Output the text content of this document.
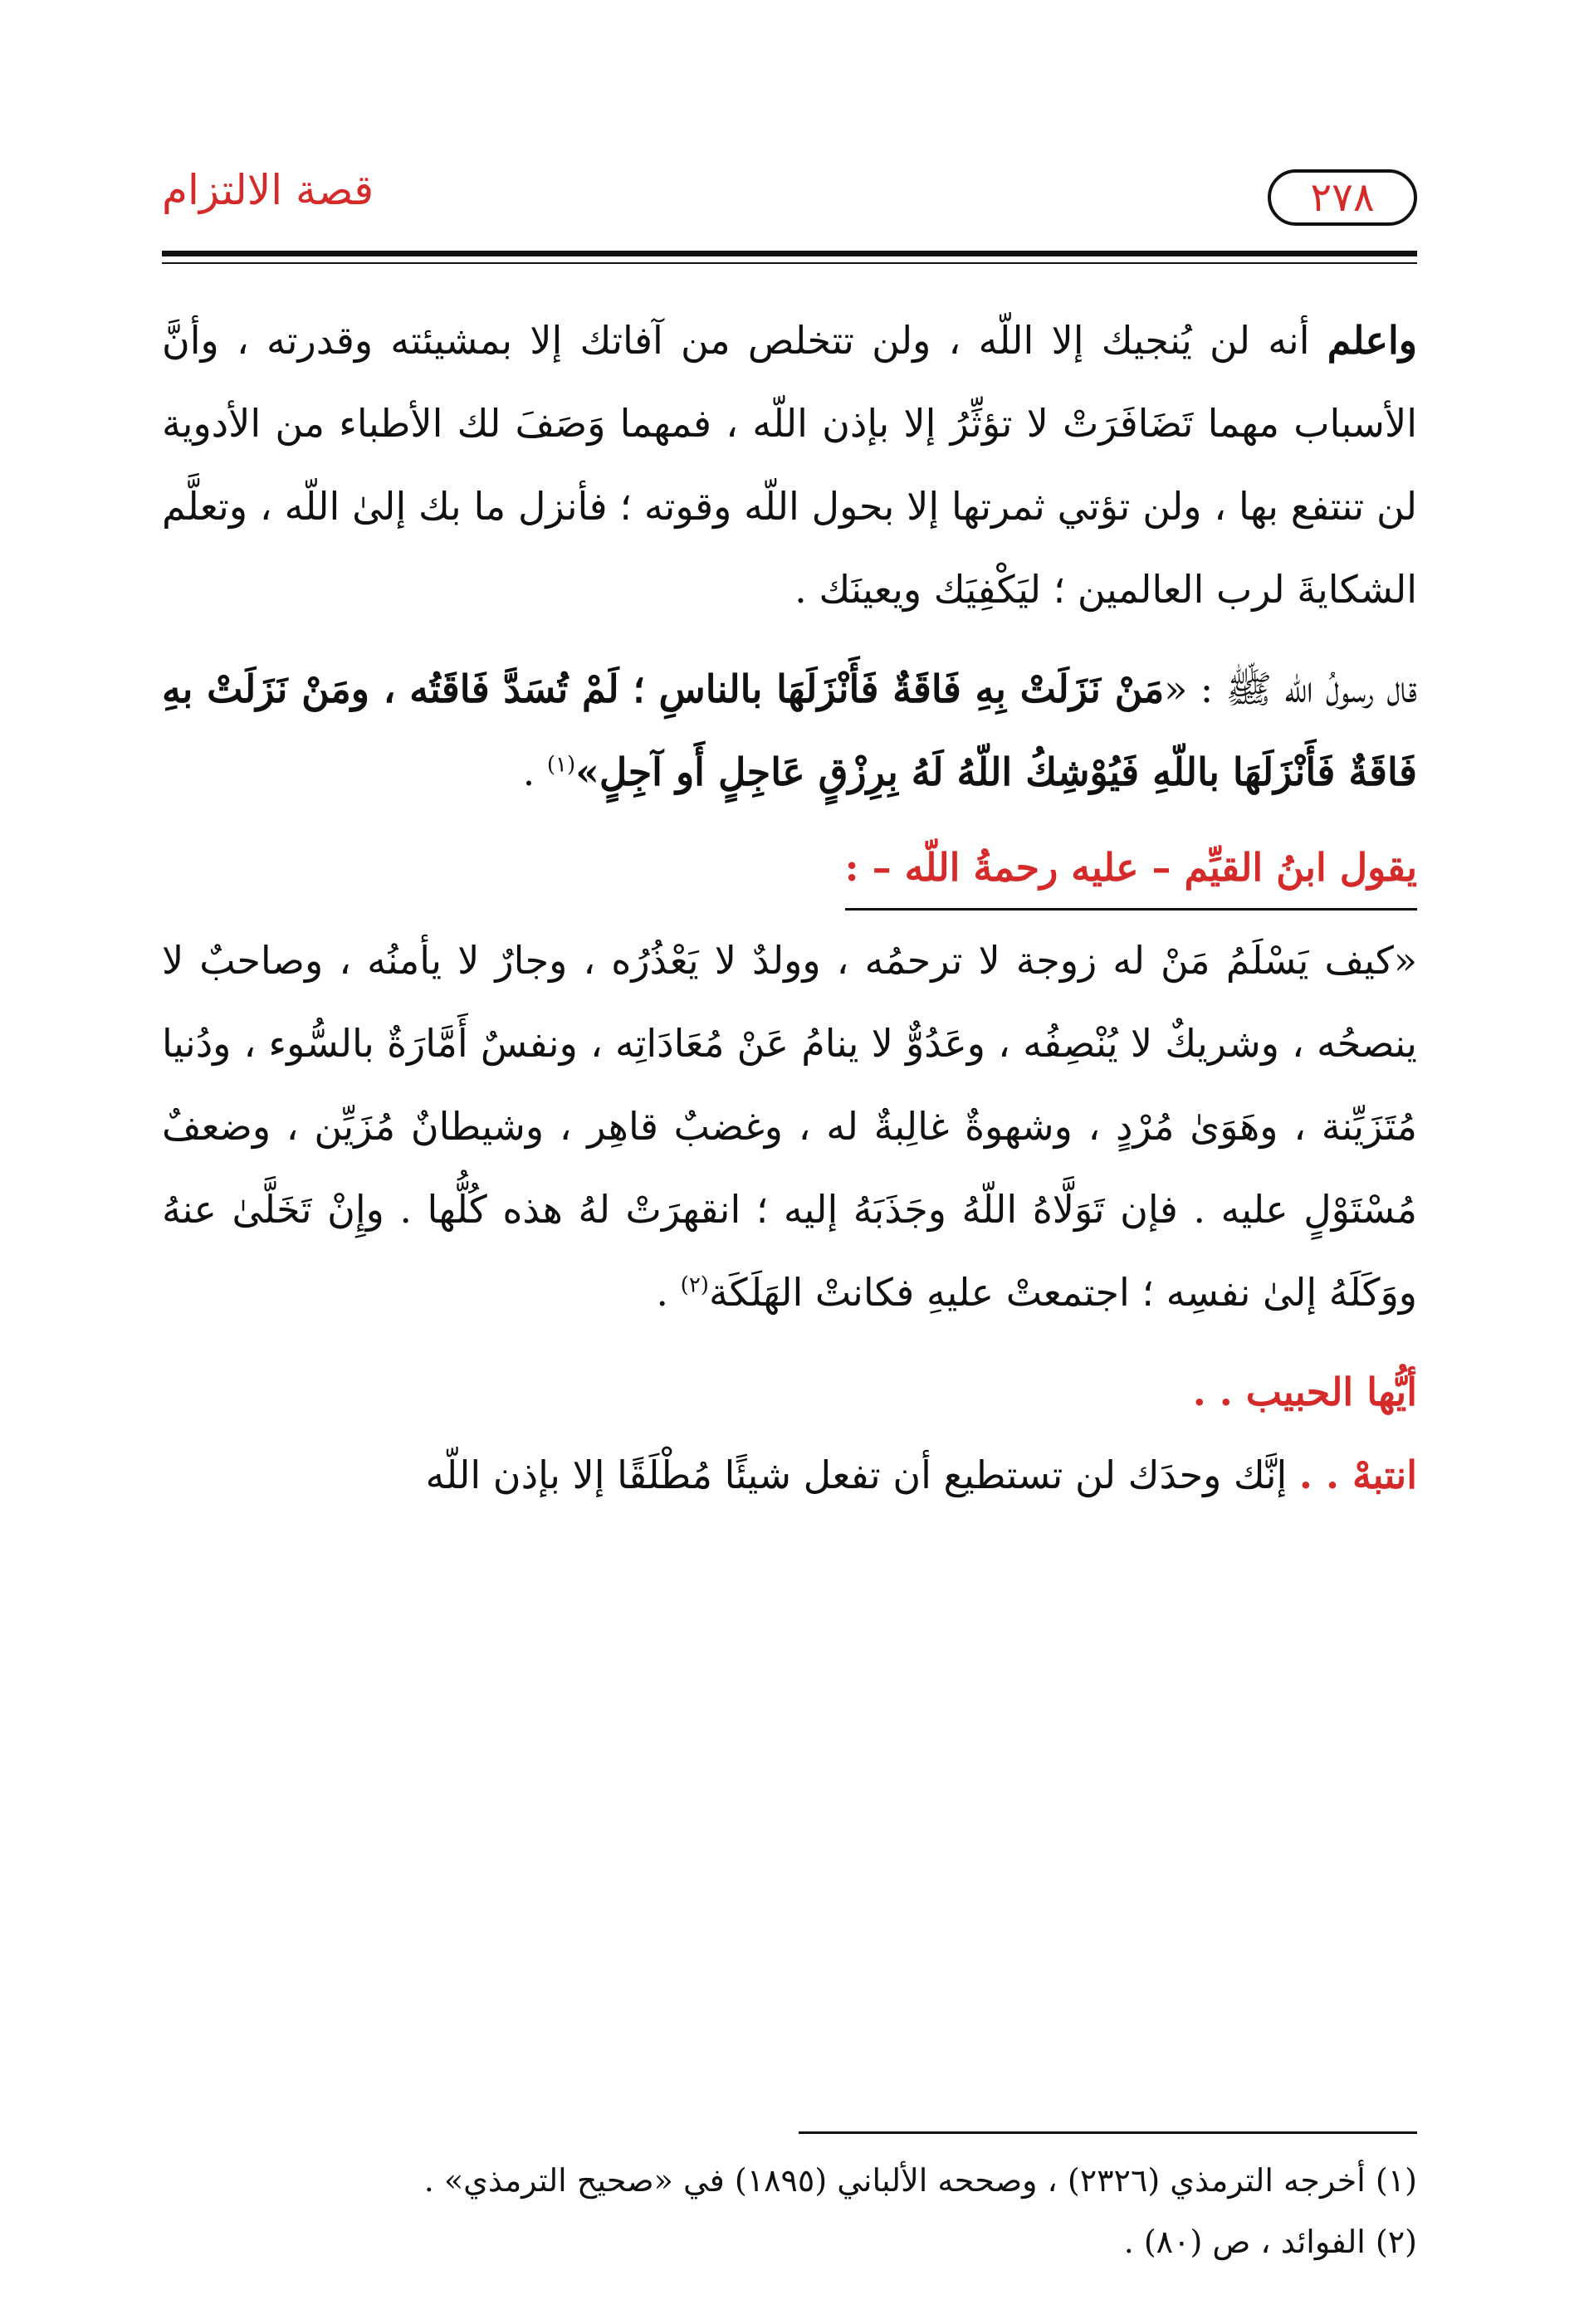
٢٧٨
قصة الالتزام

واعلم أنه لن يُنجيك إلا اللّه ، ولن تتخلص من آفاتك إلا بمشيئته وقدرته ، وأنَّ الأسباب مهما تَضَافَرَتْ لا تؤثِّرُ إلا بإذن اللّه ، فمهما وَصَفَ لك الأطباء من الأدوية لن تنتفع بها ، ولن تؤتي ثمرتها إلا بحول اللّه وقوته ؛ فأنزل ما بك إلىٰ اللّه ، وتعلَّم الشكايةَ لرب العالمين ؛ ليَكْفِيَك ويعينَك .

قال رسولُ اللّه ﷺ : «مَنْ نَزَلَتْ بِهِ فَاقَةٌ فَأَنْزَلَهَا بالناسِ ؛ لَمْ تُسَدَّ فَاقَتُه ، ومَنْ نَزَلَتْ بهِ فَاقَةٌ فَأَنْزَلَهَا باللّهِ فَيُوْشِكُ اللّهُ لَهُ بِرِزْقٍ عَاجِلٍ أَو آجِلٍ»$^{(١)}$ .

يقول ابنُ القيِّم – عليه رحمةُ اللّه – :

«كيف يَسْلَمُ مَنْ له زوجة لا ترحمُه ، وولدٌ لا يَعْذُرُه ، وجارٌ لا يأمنُه ، وصاحبٌ لا ينصحُه ، وشريكٌ لا يُنْصِفُه ، وعَدُوٌّ لا ينامُ عَنْ مُعَادَاتِه ، ونفسٌ أَمَّارَةٌ بالسُّوء ، ودُنيا مُتَزَيِّنة ، وهَوَىٰ مُرْدٍ ، وشهوةٌ غالِبةٌ له ، وغضبٌ قاهِر ، وشيطانٌ مُزَيِّن ، وضعفٌ مُسْتَوْلٍ عليه . فإن تَوَلَّاهُ اللّهُ وجَذَبَهُ إليه ؛ انقهرَتْ لهُ هذه كُلُّها . وإِنْ تَخَلَّىٰ عنهُ ووَكَلَهُ إلىٰ نفسِه ؛ اجتمعتْ عليهِ فكانتْ الهَلَكَة$^{(٢)}$ .

أيُّها الحبيب . .

انتبهْ . . إنَّك وحدَك لن تستطيع أن تفعل شيئًا مُطْلَقًا إلا بإذن اللّه

(١) أخرجه الترمذي (٢٣٢٦) ، وصححه الألباني (١٨٩٥) في «صحيح الترمذي» .
(٢) الفوائد ، ص (٨٠) .
